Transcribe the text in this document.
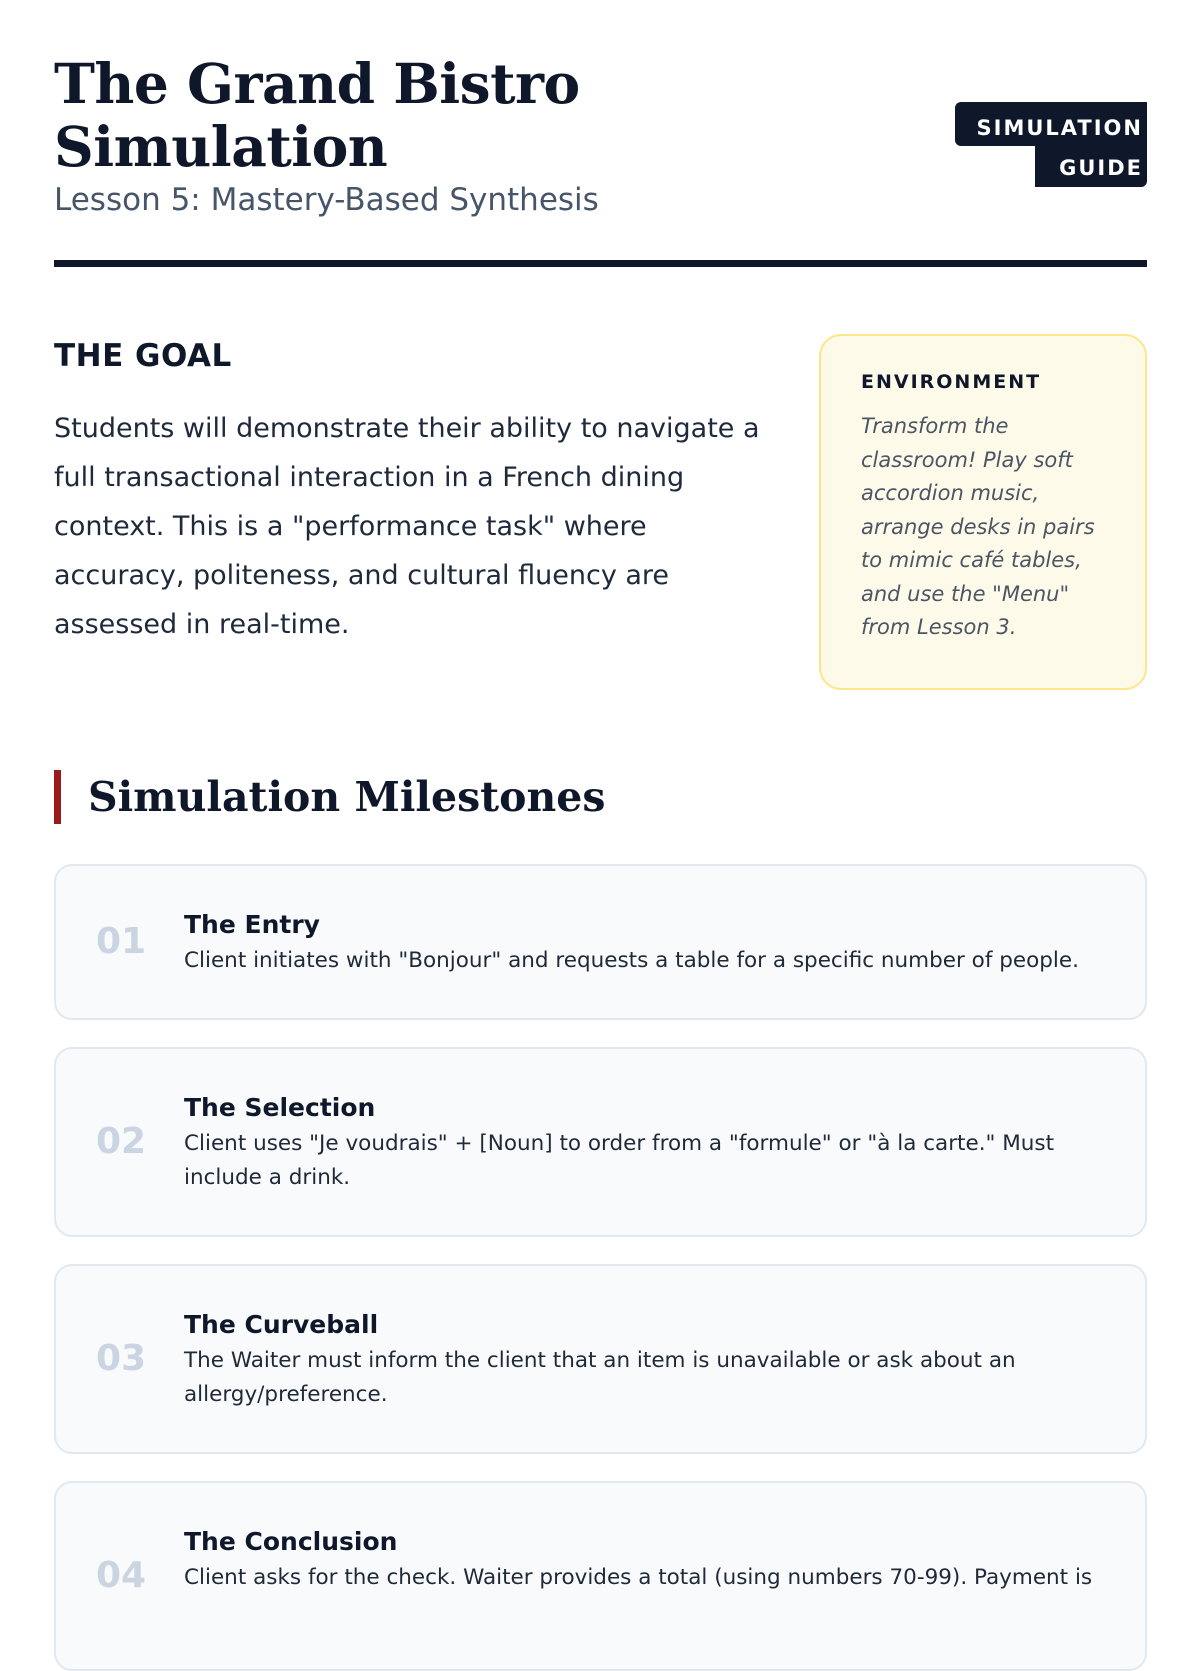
The Grand Bistro
Simulation
Lesson 5: Mastery-Based Synthesis
SIMULATION
GUIDE
THE GOAL

Students will demonstrate their ability to navigate a full transactional interaction in a French dining context. This is a "performance task" where accuracy, politeness, and cultural fluency are assessed in real-time.

ENVIRONMENT
Transform the classroom! Play soft accordion music, arrange desks in pairs to mimic café tables, and use the "Menu" from Lesson 3.
Simulation Milestones
01 The Entry
Client initiates with "Bonjour" and requests a table for a specific number of people.
02
The Selection
Client uses "Je voudrais" + [Noun] to order from a "formule" or "à la carte." Must include a drink.
03
The Curveball
The Waiter must inform the client that an item is unavailable or ask about an allergy/preference.
04
The Conclusion
Client asks for the check. Waiter provides a total (using numbers 70-99). Payment is
